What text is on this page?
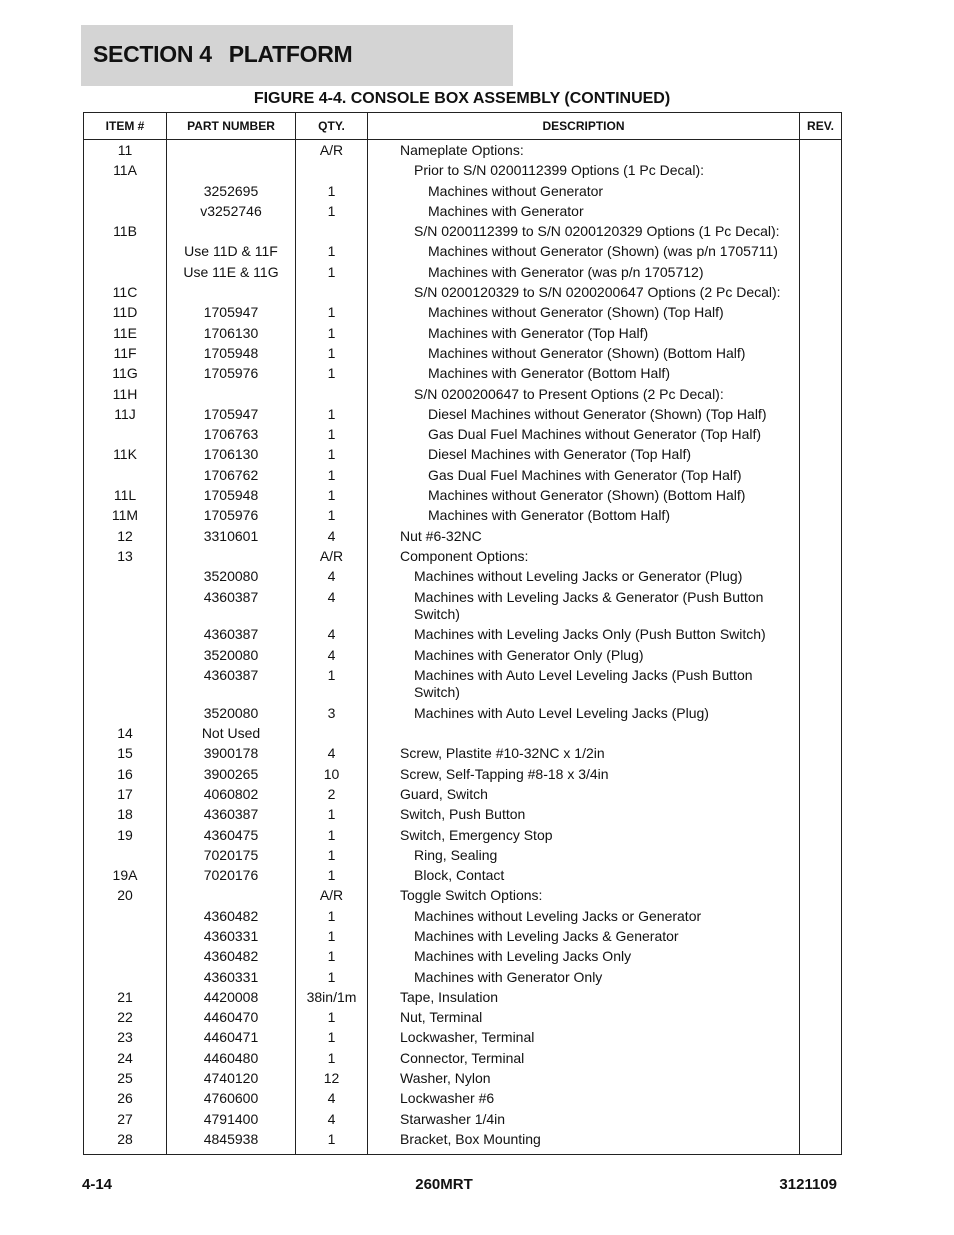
SECTION 4 PLATFORM
FIGURE 4-4. CONSOLE BOX ASSEMBLY (CONTINUED)
ITEM #	PART NUMBER	QTY.	DESCRIPTION	REV.
11		A/R	Nameplate Options:	
11A			Prior to S/N 0200112399 Options (1 Pc Decal):	
	3252695	1	Machines without Generator	
	v3252746	1	Machines with Generator	
11B			S/N 0200112399 to S/N 0200120329 Options (1 Pc Decal):	
	Use 11D & 11F	1	Machines without Generator (Shown) (was p/n 1705711)	
	Use 11E & 11G	1	Machines with Generator (was p/n 1705712)	
11C			S/N 0200120329 to S/N 0200200647 Options (2 Pc Decal):	
11D	1705947	1	Machines without Generator (Shown) (Top Half)	
11E	1706130	1	Machines with Generator (Top Half)	
11F	1705948	1	Machines without Generator (Shown) (Bottom Half)	
11G	1705976	1	Machines with Generator (Bottom Half)	
11H			S/N 0200200647 to Present Options (2 Pc Decal):	
11J	1705947	1	Diesel Machines without Generator (Shown) (Top Half)	
	1706763	1	Gas Dual Fuel Machines without Generator (Top Half)	
11K	1706130	1	Diesel Machines with Generator (Top Half)	
	1706762	1	Gas Dual Fuel Machines with Generator (Top Half)	
11L	1705948	1	Machines without Generator (Shown) (Bottom Half)	
11M	1705976	1	Machines with Generator (Bottom Half)	
12	3310601	4	Nut #6-32NC	
13		A/R	Component Options:	
	3520080	4	Machines without Leveling Jacks or Generator (Plug)	
	4360387	4	Machines with Leveling Jacks & Generator (Push Button Switch)	
	4360387	4	Machines with Leveling Jacks Only (Push Button Switch)	
	3520080	4	Machines with Generator Only (Plug)	
	4360387	1	Machines with Auto Level Leveling Jacks (Push Button Switch)	
	3520080	3	Machines with Auto Level Leveling Jacks (Plug)	
14	Not Used			
15	3900178	4	Screw, Plastite #10-32NC x 1/2in	
16	3900265	10	Screw, Self-Tapping #8-18 x 3/4in	
17	4060802	2	Guard, Switch	
18	4360387	1	Switch, Push Button	
19	4360475	1	Switch, Emergency Stop	
	7020175	1	Ring, Sealing	
19A	7020176	1	Block, Contact	
20		A/R	Toggle Switch Options:	
	4360482	1	Machines without Leveling Jacks or Generator	
	4360331	1	Machines with Leveling Jacks & Generator	
	4360482	1	Machines with Leveling Jacks Only	
	4360331	1	Machines with Generator Only	
21	4420008	38in/1m	Tape, Insulation	
22	4460470	1	Nut, Terminal	
23	4460471	1	Lockwasher, Terminal	
24	4460480	1	Connector, Terminal	
25	4740120	12	Washer, Nylon	
26	4760600	4	Lockwasher #6	
27	4791400	4	Starwasher 1/4in	
28	4845938	1	Bracket, Box Mounting	
4-14	260MRT	3121109
